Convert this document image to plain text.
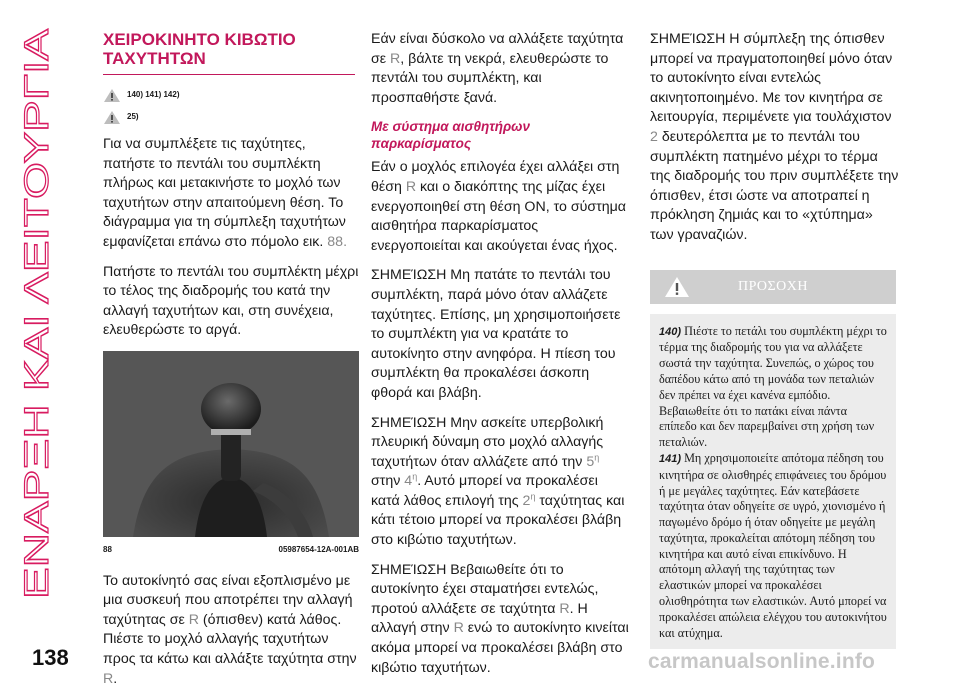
ΕΝΑΡΞΗ ΚΑΙ ΛΕΙΤΟΥΡΓΙΑ
ΧΕΙΡΟΚΙΝΗΤΟ ΚΙΒΩΤΙΟ
ΤΑΧΥΤΗΤΩΝ
140) 141) 142)
25)

Για να συμπλέξετε τις ταχύτητες, πατήστε το πεντάλι του συμπλέκτη πλήρως και μετακινήστε το μοχλό των ταχυτήτων στην απαιτούμενη θέση. Το διάγραμμα για τη σύμπλεξη ταχυτήτων εμφανίζεται επάνω στο πόμολο εικ. 88.

Πατήστε το πεντάλι του συμπλέκτη μέχρι το τέλος της διαδρομής του κατά την αλλαγή ταχυτήτων και, στη συνέχεια, ελευθερώστε το αργά.

88	05987654-12A-001AB

Το αυτοκίνητό σας είναι εξοπλισμένο με μια συσκευή που αποτρέπει την αλλαγή ταχύτητας σε R (όπισθεν) κατά λάθος. Πιέστε το μοχλό αλλαγής ταχυτήτων προς τα κάτω και αλλάξτε ταχύτητα στην R.

Εάν είναι δύσκολο να αλλάξετε ταχύτητα σε R, βάλτε τη νεκρά, ελευθερώστε το πεντάλι του συμπλέκτη, και προσπαθήστε ξανά.

Με σύστημα αισθητήρων
παρκαρίσματος

Εάν ο μοχλός επιλογέα έχει αλλάξει στη θέση R και ο διακόπτης της μίζας έχει ενεργοποιηθεί στη θέση ON, το σύστημα αισθητήρα παρκαρίσματος ενεργοποιείται και ακούγεται ένας ήχος.

ΣΗΜΕΊΩΣΗ Μη πατάτε το πεντάλι του συμπλέκτη, παρά μόνο όταν αλλάζετε ταχύτητες. Επίσης, μη χρησιμοποιήσετε το συμπλέκτη για να κρατάτε το αυτοκίνητο στην ανηφόρα. Η πίεση του συμπλέκτη θα προκαλέσει άσκοπη φθορά και βλάβη.

ΣΗΜΕΊΩΣΗ Μην ασκείτε υπερβολική πλευρική δύναμη στο μοχλό αλλαγής ταχυτήτων όταν αλλάζετε από την 5$^\eta$ στην 4$^\eta$. Αυτό μπορεί να προκαλέσει κατά λάθος επιλογή της 2$^\eta$ ταχύτητας και κάτι τέτοιο μπορεί να προκαλέσει βλάβη στο κιβώτιο ταχυτήτων.

ΣΗΜΕΊΩΣΗ Βεβαιωθείτε ότι το αυτοκίνητο έχει σταματήσει εντελώς, προτού αλλάξετε σε ταχύτητα R. Η αλλαγή στην R ενώ το αυτοκίνητο κινείται ακόμα μπορεί να προκαλέσει βλάβη στο κιβώτιο ταχυτήτων.

ΣΗΜΕΊΩΣΗ Η σύμπλεξη της όπισθεν μπορεί να πραγματοποιηθεί μόνο όταν το αυτοκίνητο είναι εντελώς ακινητοποιημένο. Με τον κινητήρα σε λειτουργία, περιμένετε για τουλάχιστον 2 δευτερόλεπτα με το πεντάλι του συμπλέκτη πατημένο μέχρι το τέρμα της διαδρομής του πριν συμπλέξετε την όπισθεν, έτσι ώστε να αποτραπεί η πρόκληση ζημιάς και το «χτύπημα» των γραναζιών.

ΠΡΟΣΟΧΗ

140) Πιέστε το πετάλι του συμπλέκτη μέχρι το τέρμα της διαδρομής του για να αλλάξετε σωστά την ταχύτητα. Συνεπώς, ο χώρος του δαπέδου κάτω από τη μονάδα των πεταλιών δεν πρέπει να έχει κανένα εμπόδιο. Βεβαιωθείτε ότι το πατάκι είναι πάντα επίπεδο και δεν παρεμβαίνει στη χρήση των πεταλιών.

141) Μη χρησιμοποιείτε απότομα πέδηση του κινητήρα σε ολισθηρές επιφάνειες του δρόμου ή με μεγάλες ταχύτητες. Εάν κατεβάσετε ταχύτητα όταν οδηγείτε σε υγρό, χιονισμένο ή παγωμένο δρόμο ή όταν οδηγείτε με μεγάλη ταχύτητα, προκαλείται απότομη πέδηση του κινητήρα και αυτό είναι επικίνδυνο. Η απότομη αλλαγή της ταχύτητας των ελαστικών μπορεί να προκαλέσει ολισθηρότητα των ελαστικών. Αυτό μπορεί να προκαλέσει απώλεια ελέγχου του αυτοκινήτου και ατύχημα.

138	carmanualsonline.info
